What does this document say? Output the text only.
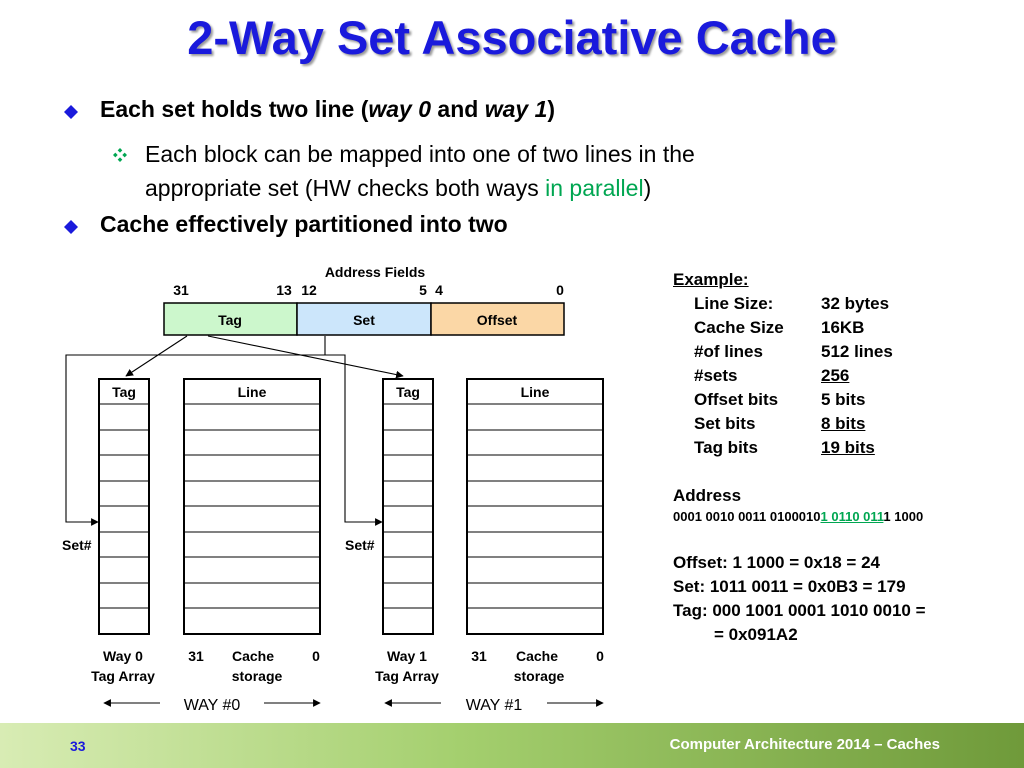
2-Way Set Associative Cache
Each set holds two line (way 0 and way 1)
Each block can be mapped into one of two lines in the
appropriate set (HW checks both ways in parallel)
Cache effectively partitioned into two
Address Fields
31	13 12	5 4	0
Tag	Set	Offset
Tag	Line	Tag	Line
Set#	Set#
Way 0
Tag Array
31 Cache
storage
0	Way 1
Tag Array
31 Cache
storage
0
WAY #0	WAY #1
Example:
Line Size:	32 bytes
Cache Size 16KB
#of lines	512 lines
#sets	256
Offset bits	5 bits
Set bits	8 bits
Tag bits	19 bits
Address
0001 0010 0011 01000101 0110 0111 1000
Offset: 1 1000 = 0x18 = 24
Set: 1011 0011 = 0x0B3 = 179
Tag: 000 1001 0001 1010 0010 =
= 0x091A2
33	Computer Architecture 2014 – Caches
